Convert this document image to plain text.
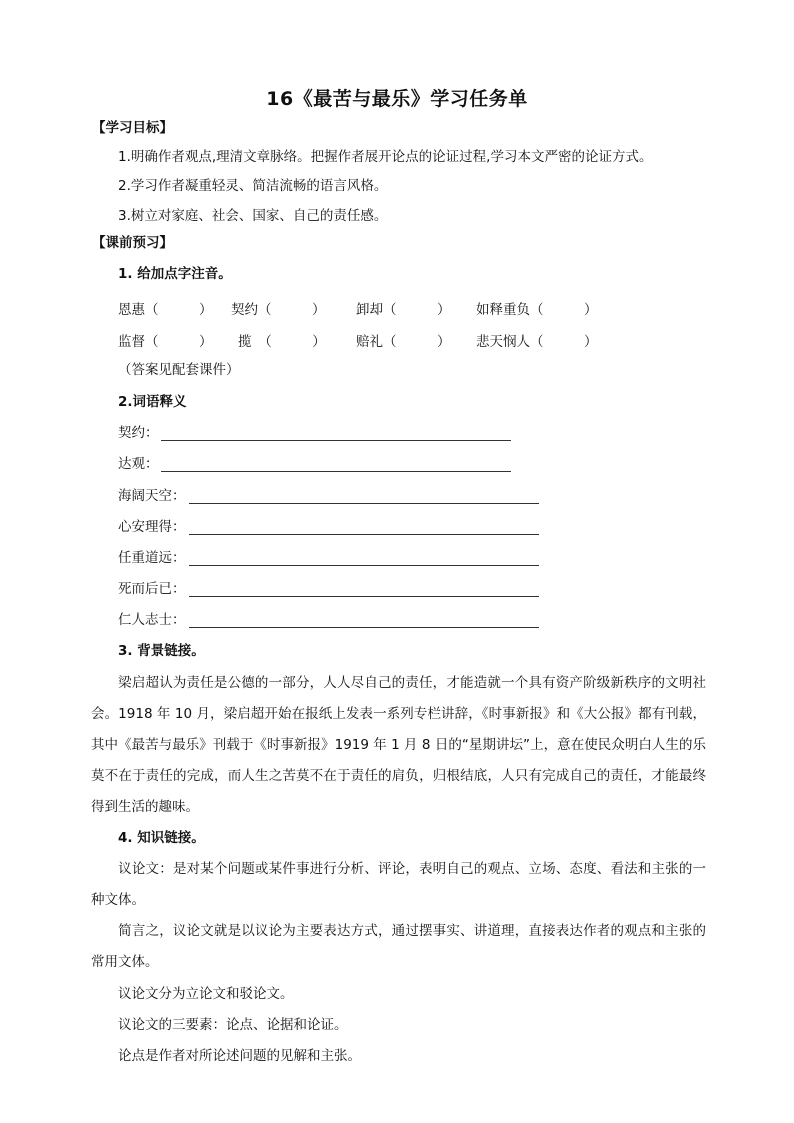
16《最苦与最乐》学习任务单
【学习目标】
1.明确作者观点,理清文章脉络。把握作者展开论点的论证过程,学习本文严密的论证方式。
2.学习作者凝重轻灵、简洁流畅的语言风格。
3.树立对家庭、社会、国家、自己的责任感。
【课前预习】
1. 给加点字注音。
恩惠（　　　） 契约（　　　） 卸却（　　　） 如释重负（　　　）
监督（　　　） 揽　（　　　） 赔礼（　　　） 悲天悯人（　　　）
（答案见配套课件）
2.词语释义
契约：
达观：
海阔天空：
心安理得：
任重道远：
死而后已：
仁人志士：
3. 背景链接。
梁启超认为责任是公德的一部分，人人尽自己的责任，才能造就一个具有资产阶级新秩序的文明社会。1918 年 10 月，梁启超开始在报纸上发表一系列专栏讲辞，《时事新报》和《大公报》都有刊载，其中《最苦与最乐》刊载于《时事新报》1919 年 1 月 8 日的“星期讲坛”上，意在使民众明白人生的乐莫不在于责任的完成，而人生之苦莫不在于责任的肩负，归根结底，人只有完成自己的责任，才能最终得到生活的趣味。
4. 知识链接。
议论文：是对某个问题或某件事进行分析、评论，表明自己的观点、立场、态度、看法和主张的一种文体。
简言之，议论文就是以议论为主要表达方式，通过摆事实、讲道理，直接表达作者的观点和主张的常用文体。
议论文分为立论文和驳论文。
议论文的三要素：论点、论据和论证。
论点是作者对所论述问题的见解和主张。
